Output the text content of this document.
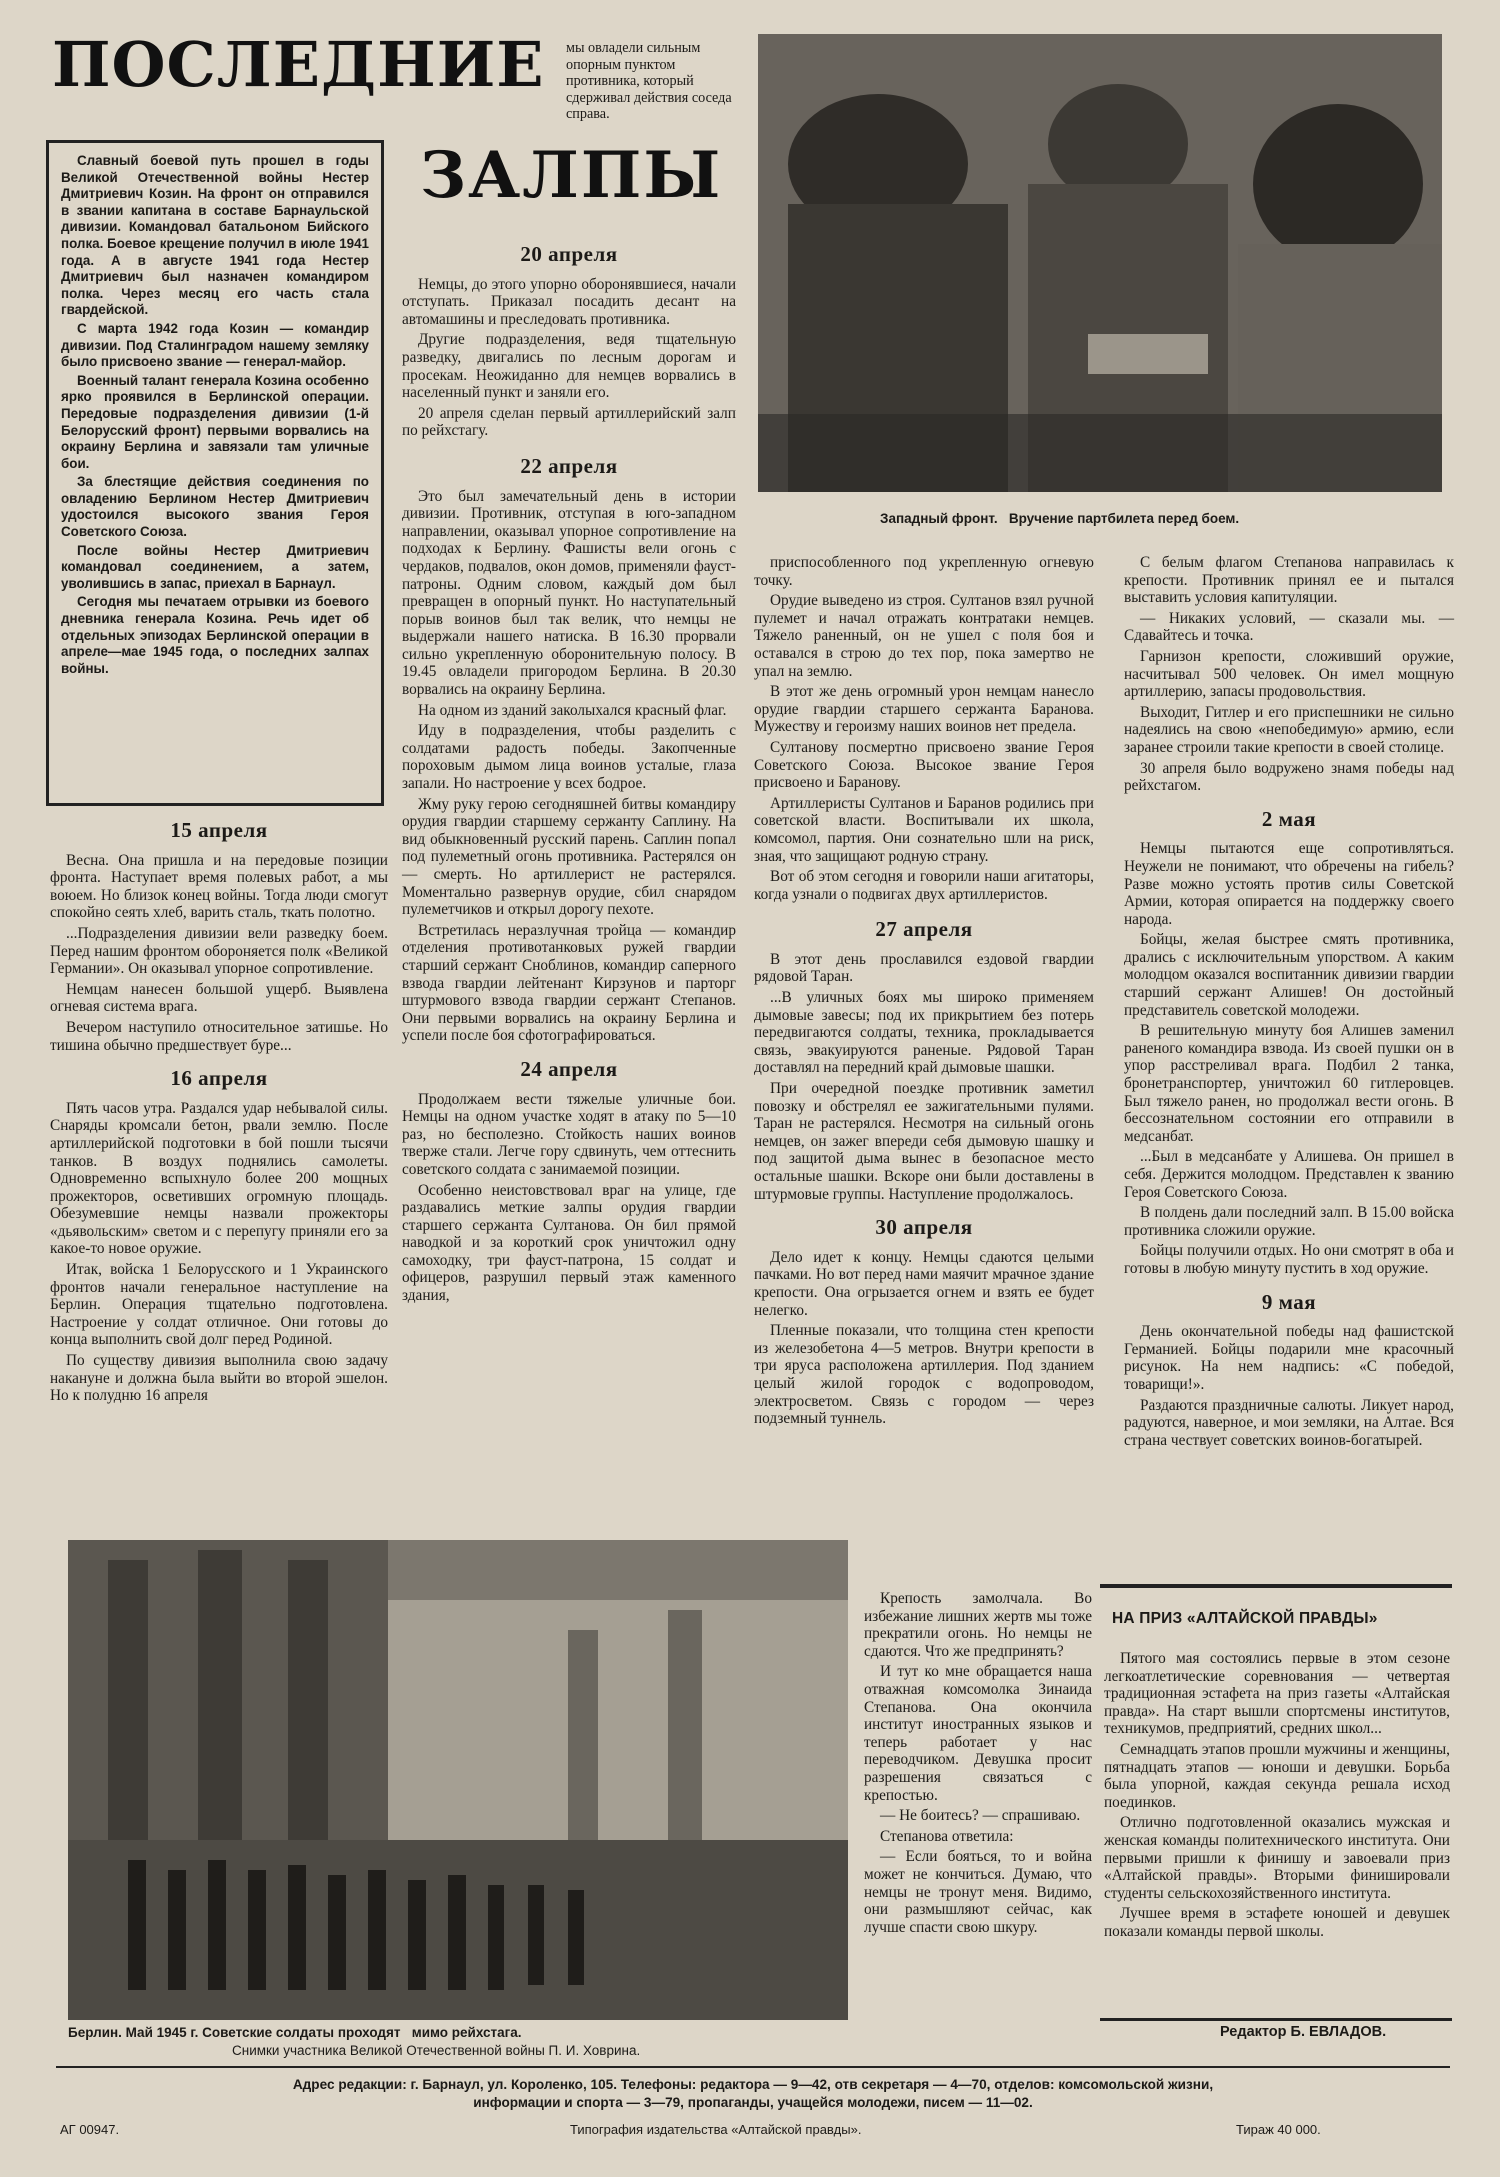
ПОСЛЕДНИЕ
ЗАЛПЫ
мы овладели сильным опорным пунктом противника, который сдерживал действия соседа справа.

Славный боевой путь прошел в годы Великой Отечественной войны Нестер Дмитриевич Козин. На фронт он отправился в звании капитана в составе Барнаульской дивизии. Командовал батальоном Бийского полка. Боевое крещение получил в июле 1941 года. А в августе 1941 года Нестер Дмитриевич был назначен командиром полка. Через месяц его часть стала гвардейской.

С марта 1942 года Козин — командир дивизии. Под Сталинградом нашему земляку было присвоено звание — генерал-майор.

Военный талант генерала Козина особенно ярко проявился в Берлинской операции. Передовые подразделения дивизии (1-й Белорусский фронт) первыми ворвались на окраину Берлина и завязали там уличные бои.

За блестящие действия соединения по овладению Берлином Нестер Дмитриевич удостоился высокого звания Героя Советского Союза.

После войны Нестер Дмитриевич командовал соединением, а затем, уволившись в запас, приехал в Барнаул.

Сегодня мы печатаем отрывки из боевого дневника генерала Козина. Речь идет об отдельных эпизодах Берлинской операции в апреле—мае 1945 года, о последних залпах войны.

Западный фронт.   Вручение партбилета перед боем.
15 апреля

Весна. Она пришла и на передовые позиции фронта. Наступает время полевых работ, а мы воюем. Но близок конец войны. Тогда люди смогут спокойно сеять хлеб, варить сталь, ткать полотно.

...Подразделения дивизии вели разведку боем. Перед нашим фронтом обороняется полк «Великой Германии». Он оказывал упорное сопротивление.

Немцам нанесен большой ущерб. Выявлена огневая система врага.

Вечером наступило относительное затишье. Но тишина обычно предшествует буре...

16 апреля

Пять часов утра. Раздался удар небывалой силы. Снаряды кромсали бетон, рвали землю. После артиллерийской подготовки в бой пошли тысячи танков. В воздух поднялись самолеты. Одновременно вспыхнуло более 200 мощных прожекторов, осветивших огромную площадь. Обезумевшие немцы назвали прожекторы «дьявольским» светом и с перепугу приняли его за какое-то новое оружие.

Итак, войска 1 Белорусского и 1 Украинского фронтов начали генеральное наступление на Берлин. Операция тщательно подготовлена. Настроение у солдат отличное. Они готовы до конца выполнить свой долг перед Родиной.

По существу дивизия выполнила свою задачу накануне и должна была выйти во второй эшелон. Но к полудню 16 апреля

20 апреля

Немцы, до этого упорно оборонявшиеся, начали отступать. Приказал посадить десант на автомашины и преследовать противника.

Другие подразделения, ведя тщательную разведку, двигались по лесным дорогам и просекам. Неожиданно для немцев ворвались в населенный пункт и заняли его.

20 апреля сделан первый артиллерийский залп по рейхстагу.

22 апреля

Это был замечательный день в истории дивизии. Противник, отступая в юго-западном направлении, оказывал упорное сопротивление на подходах к Берлину. Фашисты вели огонь с чердаков, подвалов, окон домов, применяли фауст-патроны. Одним словом, каждый дом был превращен в опорный пункт. Но наступательный порыв воинов был так велик, что немцы не выдержали нашего натиска. В 16.30 прорвали сильно укрепленную оборонительную полосу. В 19.45 овладели пригородом Берлина. В 20.30 ворвались на окраину Берлина.

На одном из зданий заколыхался красный флаг.

Иду в подразделения, чтобы разделить с солдатами радость победы. Закопченные пороховым дымом лица воинов усталые, глаза запали. Но настроение у всех бодрое.

Жму руку герою сегодняшней битвы командиру орудия гвардии старшему сержанту Саплину. На вид обыкновенный русский парень. Саплин попал под пулеметный огонь противника. Растерялся он — смерть. Но артиллерист не растерялся. Моментально развернув орудие, сбил снарядом пулеметчиков и открыл дорогу пехоте.

Встретилась неразлучная тройца — командир отделения противотанковых ружей гвардии старший сержант Сноблинов, командир саперного взвода гвардии лейтенант Кирзунов и парторг штурмового взвода гвардии сержант Степанов. Они первыми ворвались на окраину Берлина и успели после боя сфотографироваться.

24 апреля

Продолжаем вести тяжелые уличные бои. Немцы на одном участке ходят в атаку по 5—10 раз, но бесполезно. Стойкость наших воинов тверже стали. Легче гору сдвинуть, чем оттеснить советского солдата с занимаемой позиции.

Особенно неистовствовал враг на улице, где раздавались меткие залпы орудия гвардии старшего сержанта Султанова. Он бил прямой наводкой и за короткий срок уничтожил одну самоходку, три фауст-патрона, 15 солдат и офицеров, разрушил первый этаж каменного здания,

приспособленного под укрепленную огневую точку.

Орудие выведено из строя. Султанов взял ручной пулемет и начал отражать контратаки немцев. Тяжело раненный, он не ушел с поля боя и оставался в строю до тех пор, пока замертво не упал на землю.

В этот же день огромный урон немцам нанесло орудие гвардии старшего сержанта Баранова. Мужеству и героизму наших воинов нет предела.

Султанову посмертно присвоено звание Героя Советского Союза. Высокое звание Героя присвоено и Баранову.

Артиллеристы Султанов и Баранов родились при советской власти. Воспитывали их школа, комсомол, партия. Они сознательно шли на риск, зная, что защищают родную страну.

Вот об этом сегодня и говорили наши агитаторы, когда узнали о подвигах двух артиллеристов.

27 апреля

В этот день прославился ездовой гвардии рядовой Таран.

...В уличных боях мы широко применяем дымовые завесы; под их прикрытием без потерь передвигаются солдаты, техника, прокладывается связь, эвакуируются раненые. Рядовой Таран доставлял на передний край дымовые шашки.

При очередной поездке противник заметил повозку и обстрелял ее зажигательными пулями. Таран не растерялся. Несмотря на сильный огонь немцев, он зажег впереди себя дымовую шашку и под защитой дыма вынес в безопасное место остальные шашки. Вскоре они были доставлены в штурмовые группы. Наступление продолжалось.

30 апреля

Дело идет к концу. Немцы сдаются целыми пачками. Но вот перед нами маячит мрачное здание крепости. Она огрызается огнем и взять ее будет нелегко.

Пленные показали, что толщина стен крепости из железобетона 4—5 метров. Внутри крепости в три яруса расположена артиллерия. Под зданием целый жилой городок с водопроводом, электросветом. Связь с городом — через подземный туннель.

Крепость замолчала. Во избежание лишних жертв мы тоже прекратили огонь. Но немцы не сдаются. Что же предпринять?

И тут ко мне обращается наша отважная комсомолка Зинаида Степанова. Она окончила институт иностранных языков и теперь работает у нас переводчиком. Девушка просит разрешения связаться с крепостью.

— Не боитесь? — спрашиваю.

Степанова ответила:

— Если бояться, то и война может не кончиться. Думаю, что немцы не тронут меня. Видимо, они размышляют сейчас, как лучше спасти свою шкуру.

С белым флагом Степанова направилась к крепости. Противник принял ее и пытался выставить условия капитуляции.

— Никаких условий, — сказали мы. — Сдавайтесь и точка.

Гарнизон крепости, сложивший оружие, насчитывал 500 человек. Он имел мощную артиллерию, запасы продовольствия.

Выходит, Гитлер и его приспешники не сильно надеялись на свою «непобедимую» армию, если заранее строили такие крепости в своей столице.

30 апреля было водружено знамя победы над рейхстагом.

2 мая

Немцы пытаются еще сопротивляться. Неужели не понимают, что обречены на гибель? Разве можно устоять против силы Советской Армии, которая опирается на поддержку своего народа.

Бойцы, желая быстрее смять противника, дрались с исключительным упорством. А каким молодцом оказался воспитанник дивизии гвардии старший сержант Алишев! Он достойный представитель советской молодежи.

В решительную минуту боя Алишев заменил раненого командира взвода. Из своей пушки он в упор расстреливал врага. Подбил 2 танка, бронетранспортер, уничтожил 60 гитлеровцев. Был тяжело ранен, но продолжал вести огонь. В бессознательном состоянии его отправили в медсанбат.

...Был в медсанбате у Алишева. Он пришел в себя. Держится молодцом. Представлен к званию Героя Советского Союза.

В полдень дали последний залп. В 15.00 войска противника сложили оружие.

Бойцы получили отдых. Но они смотрят в оба и готовы в любую минуту пустить в ход оружие.

9 мая

День окончательной победы над фашистской Германией. Бойцы подарили мне красочный рисунок. На нем надпись: «С победой, товарищи!».

Раздаются праздничные салюты. Ликует народ, радуются, наверное, и мои земляки, на Алтае. Вся страна чествует советских воинов-богатырей.

НА ПРИЗ «АЛТАЙСКОЙ ПРАВДЫ»

Пятого мая состоялись первые в этом сезоне легкоатлетические соревнования — четвертая традиционная эстафета на приз газеты «Алтайская правда». На старт вышли спортсмены институтов, техникумов, предприятий, средних школ...

Семнадцать этапов прошли мужчины и женщины, пятнадцать этапов — юноши и девушки. Борьба была упорной, каждая секунда решала исход поединков.

Отлично подготовленной оказались мужская и женская команды политехнического института. Они первыми пришли к финишу и завоевали приз «Алтайской правды». Вторыми финишировали студенты сельскохозяйственного института.

Лучшее время в эстафете юношей и девушек показали команды первой школы.

Редактор Б. ЕВЛАДОВ.
Берлин. Май 1945 г. Советские солдаты проходят   мимо рейхстага.
Снимки участника Великой Отечественной войны П. И. Ховрина.
Адрес редакции: г. Барнаул, ул. Короленко, 105. Телефоны: редактора — 9—42, отв секретаря — 4—70, отделов: комсомольской жизни,
информации и спорта — 3—79, пропаганды, учащейся молодежи, писем — 11—02.
АГ 00947.	Типография издательства «Алтайской правды».	Тираж 40 000.
